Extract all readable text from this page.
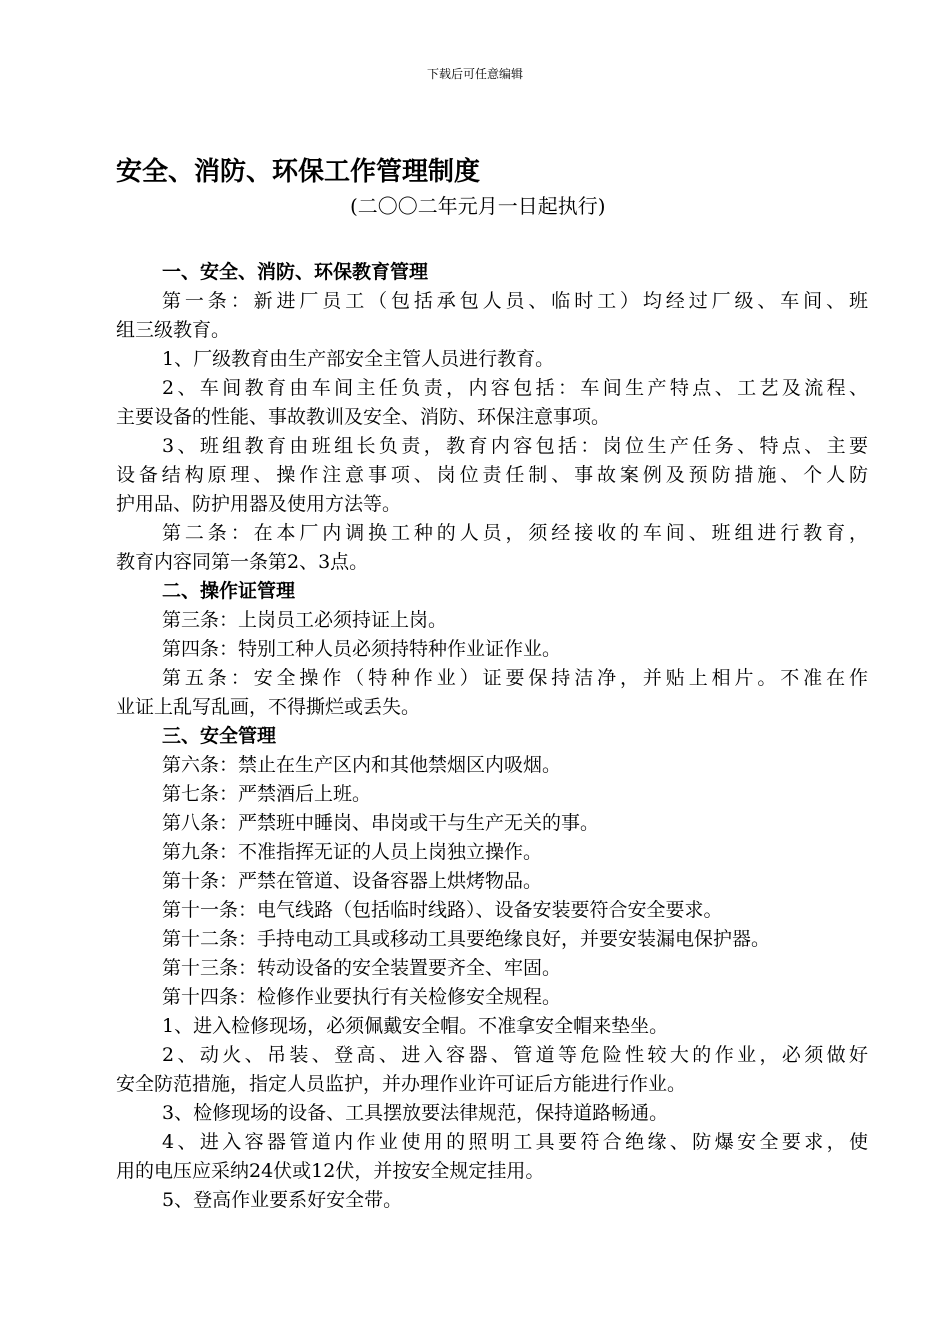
下载后可任意编辑
安全、消防、环保工作管理制度
(二〇〇二年元月一日起执行)
一、安全、消防、环保教育管理
第一条：新进厂员工（包括承包人员、临时工）均经过厂级、车间、班
组三级教育。
1、厂级教育由生产部安全主管人员进行教育。
2、车间教育由车间主任负责，内容包括：车间生产特点、工艺及流程、
主要设备的性能、事故教训及安全、消防、环保注意事项。
3、班组教育由班组长负责，教育内容包括：岗位生产任务、特点、主要
设备结构原理、操作注意事项、岗位责任制、事故案例及预防措施、个人防
护用品、防护用器及使用方法等。
第二条：在本厂内调换工种的人员，须经接收的车间、班组进行教育，
教育内容同第一条第2、3点。
二、操作证管理
第三条：上岗员工必须持证上岗。
第四条：特别工种人员必须持特种作业证作业。
第五条：安全操作（特种作业）证要保持洁净，并贴上相片。不准在作
业证上乱写乱画，不得撕烂或丢失。
三、安全管理
第六条：禁止在生产区内和其他禁烟区内吸烟。
第七条：严禁酒后上班。
第八条：严禁班中睡岗、串岗或干与生产无关的事。
第九条：不准指挥无证的人员上岗独立操作。
第十条：严禁在管道、设备容器上烘烤物品。
第十一条：电气线路（包括临时线路）、设备安装要符合安全要求。
第十二条：手持电动工具或移动工具要绝缘良好，并要安装漏电保护器。
第十三条：转动设备的安全装置要齐全、牢固。
第十四条：检修作业要执行有关检修安全规程。
1、进入检修现场，必须佩戴安全帽。不准拿安全帽来垫坐。
2、动火、吊装、登高、进入容器、管道等危险性较大的作业，必须做好
安全防范措施，指定人员监护，并办理作业许可证后方能进行作业。
3、检修现场的设备、工具摆放要法律规范，保持道路畅通。
4、进入容器管道内作业使用的照明工具要符合绝缘、防爆安全要求，使
用的电压应采纳24伏或12伏，并按安全规定挂用。
5、登高作业要系好安全带。
